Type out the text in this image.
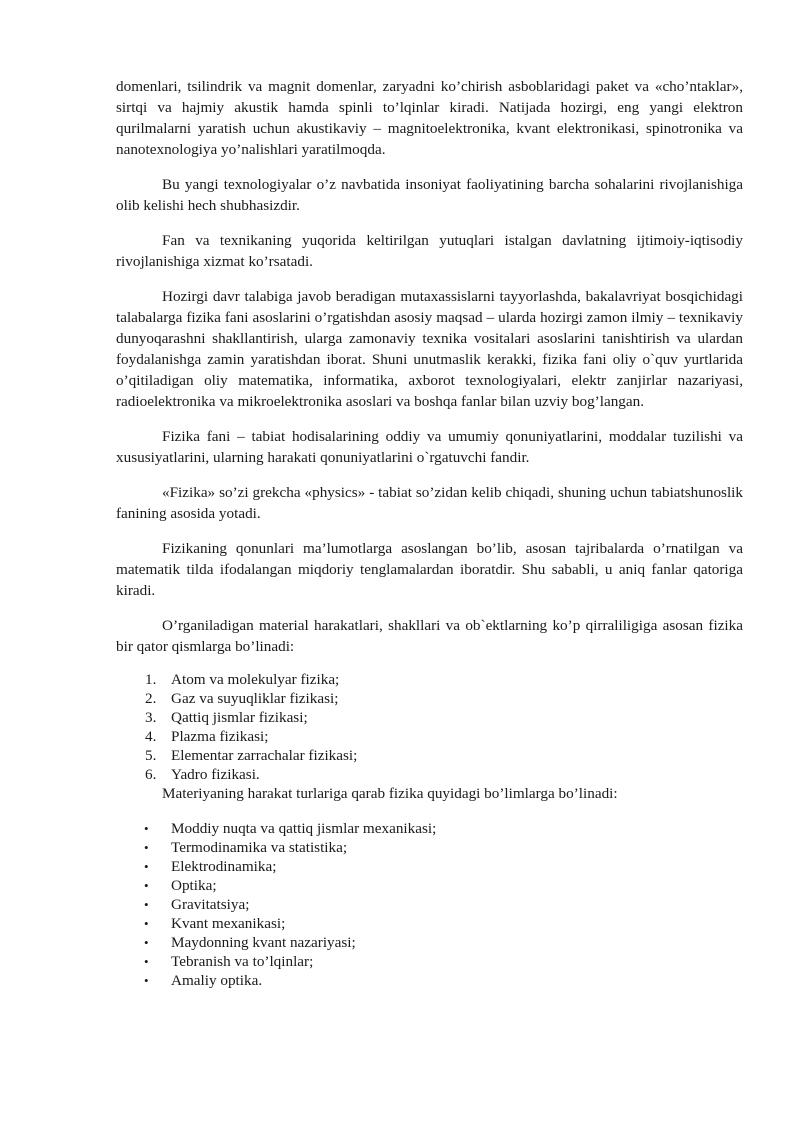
domenlari, tsilindrik va magnit domenlar, zaryadni ko’chirish asboblaridagi paket va «cho’ntaklar», sirtqi va hajmiy akustik hamda spinli to’lqinlar kiradi. Natijada hozirgi, eng yangi elektron qurilmalarni yaratish uchun akustikaviy – magnitoelektronika, kvant elektronikasi, spinotronika va nanotexnologiya yo’nalishlari yaratilmoqda.

Bu yangi texnologiyalar o’z navbatida insoniyat faoliyatining barcha sohalarini rivojlanishiga olib kelishi hech shubhasizdir.

Fan va texnikaning yuqorida keltirilgan yutuqlari istalgan davlatning ijtimoiy-iqtisodiy rivojlanishiga xizmat ko’rsatadi.

Hozirgi davr talabiga javob beradigan mutaxassislarni tayyorlashda, bakalavriyat bosqichidagi talabalarga fizika fani asoslarini o’rgatishdan asosiy maqsad – ularda hozirgi zamon ilmiy – texnikaviy dunyoqarashni shakllantirish, ularga zamonaviy texnika vositalari asoslarini tanishtirish va ulardan foydalanishga zamin yaratishdan iborat. Shuni unutmaslik kerakki, fizika fani oliy o`quv yurtlarida o’qitiladigan oliy matematika, informatika, axborot texnologiyalari, elektr zanjirlar nazariyasi, radioelektronika va mikroelektronika asoslari va boshqa fanlar bilan uzviy bog’langan.

Fizika fani – tabiat hodisalarining oddiy va umumiy qonuniyatlarini, moddalar tuzilishi va xususiyatlarini, ularning harakati qonuniyatlarini o`rgatuvchi fandir.

«Fizika» so’zi grekcha «physics» - tabiat so’zidan kelib chiqadi, shuning uchun tabiatshunoslik fanining asosida yotadi.

Fizikaning qonunlari ma’lumotlarga asoslangan bo’lib, asosan tajribalarda o’rnatilgan va matematik tilda ifodalangan miqdoriy tenglamalardan iboratdir. Shu sababli, u aniq fanlar qatoriga kiradi.

O’rganiladigan material harakatlari, shakllari va ob`ektlarning ko’p qirraliligiga asosan fizika bir qator qismlarga bo’linadi:

1. Atom va molekulyar fizika;
2. Gaz va suyuqliklar fizikasi;
3. Qattiq jismlar fizikasi;
4. Plazma fizikasi;
5. Elementar zarrachalar fizikasi;
6. Yadro fizikasi.

Materiyaning harakat turlariga qarab fizika quyidagi bo’limlarga bo’linadi:

• Moddiy nuqta va qattiq jismlar mexanikasi;
• Termodinamika va statistika;
• Elektrodinamika;
• Optika;
• Gravitatsiya;
• Kvant mexanikasi;
• Maydonning kvant nazariyasi;
• Tebranish va to’lqinlar;
• Amaliy optika.
